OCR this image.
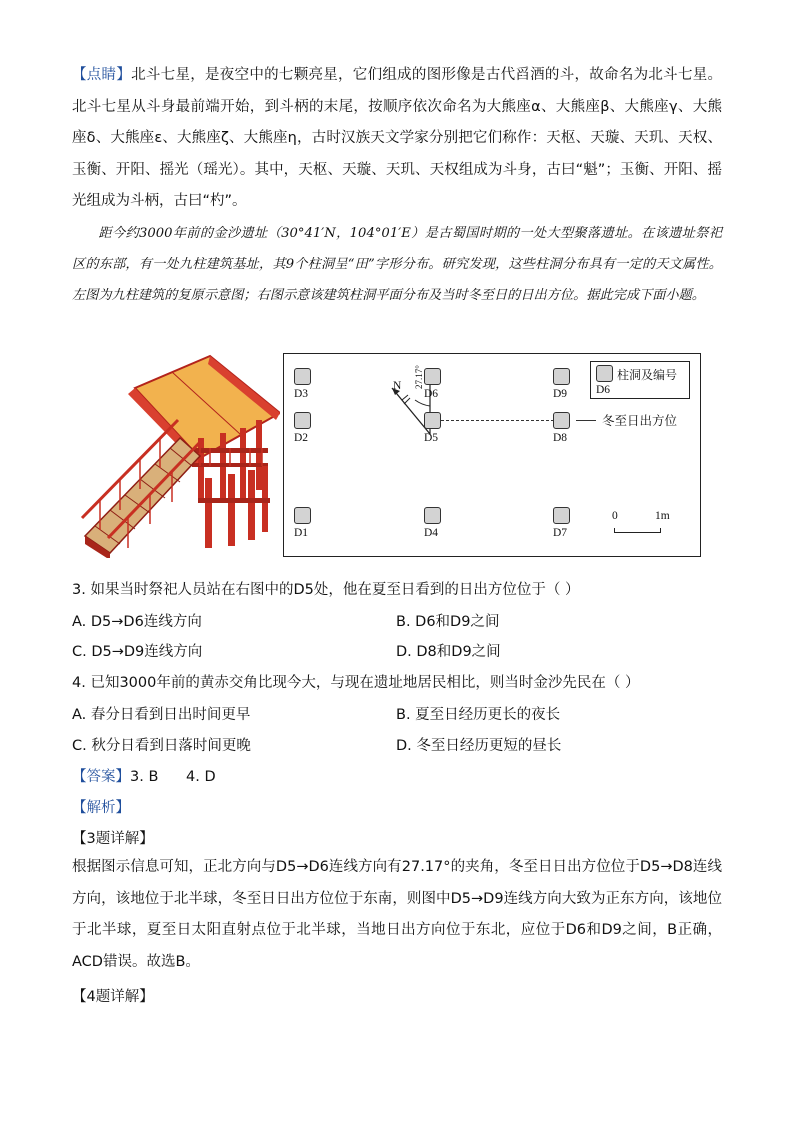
【点睛】北斗七星，是夜空中的七颗亮星，它们组成的图形像是古代舀酒的斗，故命名为北斗七星。北斗七星从斗身最前端开始，到斗柄的末尾，按顺序依次命名为大熊座α、大熊座β、大熊座γ、大熊座δ、大熊座ε、大熊座ζ、大熊座η，古时汉族天文学家分别把它们称作：天枢、天璇、天玑、天权、玉衡、开阳、摇光（瑶光）。其中，天枢、天璇、天玑、天权组成为斗身，古曰“魁”；玉衡、开阳、摇光组成为斗柄，古曰“杓”。

距今约3000年前的金沙遗址（30°41′N，104°01′E）是古蜀国时期的一处大型聚落遗址。在该遗址祭祀区的东部，有一处九柱建筑基址，其9个柱洞呈“田”字形分布。研究发现，这些柱洞分布具有一定的天文属性。左图为九柱建筑的复原示意图；右图示意该建筑柱洞平面分布及当时冬至日的日出方位。据此完成下面小题。

冬至日出方位
N 27.17°
D3	D6	D9
D2	D5	D8
D1	D4	D7
柱洞及编号
D6
0	1m
3. 如果当时祭祀人员站在右图中的D5处，他在夏至日看到的日出方位位于（ ）
A. D5→D6连线方向	B. D6和D9之间
C. D5→D9连线方向	D. D8和D9之间
4. 已知3000年前的黄赤交角比现今大，与现在遗址地居民相比，则当时金沙先民在（ ）
A. 春分日看到日出时间更早	B. 夏至日经历更长的夜长
C. 秋分日看到日落时间更晚	D. 冬至日经历更短的昼长
【答案】3. B      4. D
【解析】
【3题详解】

根据图示信息可知，正北方向与D5→D6连线方向有27.17°的夹角，冬至日日出方位位于D5→D8连线方向，该地位于北半球，冬至日日出方位位于东南，则图中D5→D9连线方向大致为正东方向，该地位于北半球，夏至日太阳直射点位于北半球，当地日出方向位于东北，应位于D6和D9之间，B正确，ACD错误。故选B。

【4题详解】
